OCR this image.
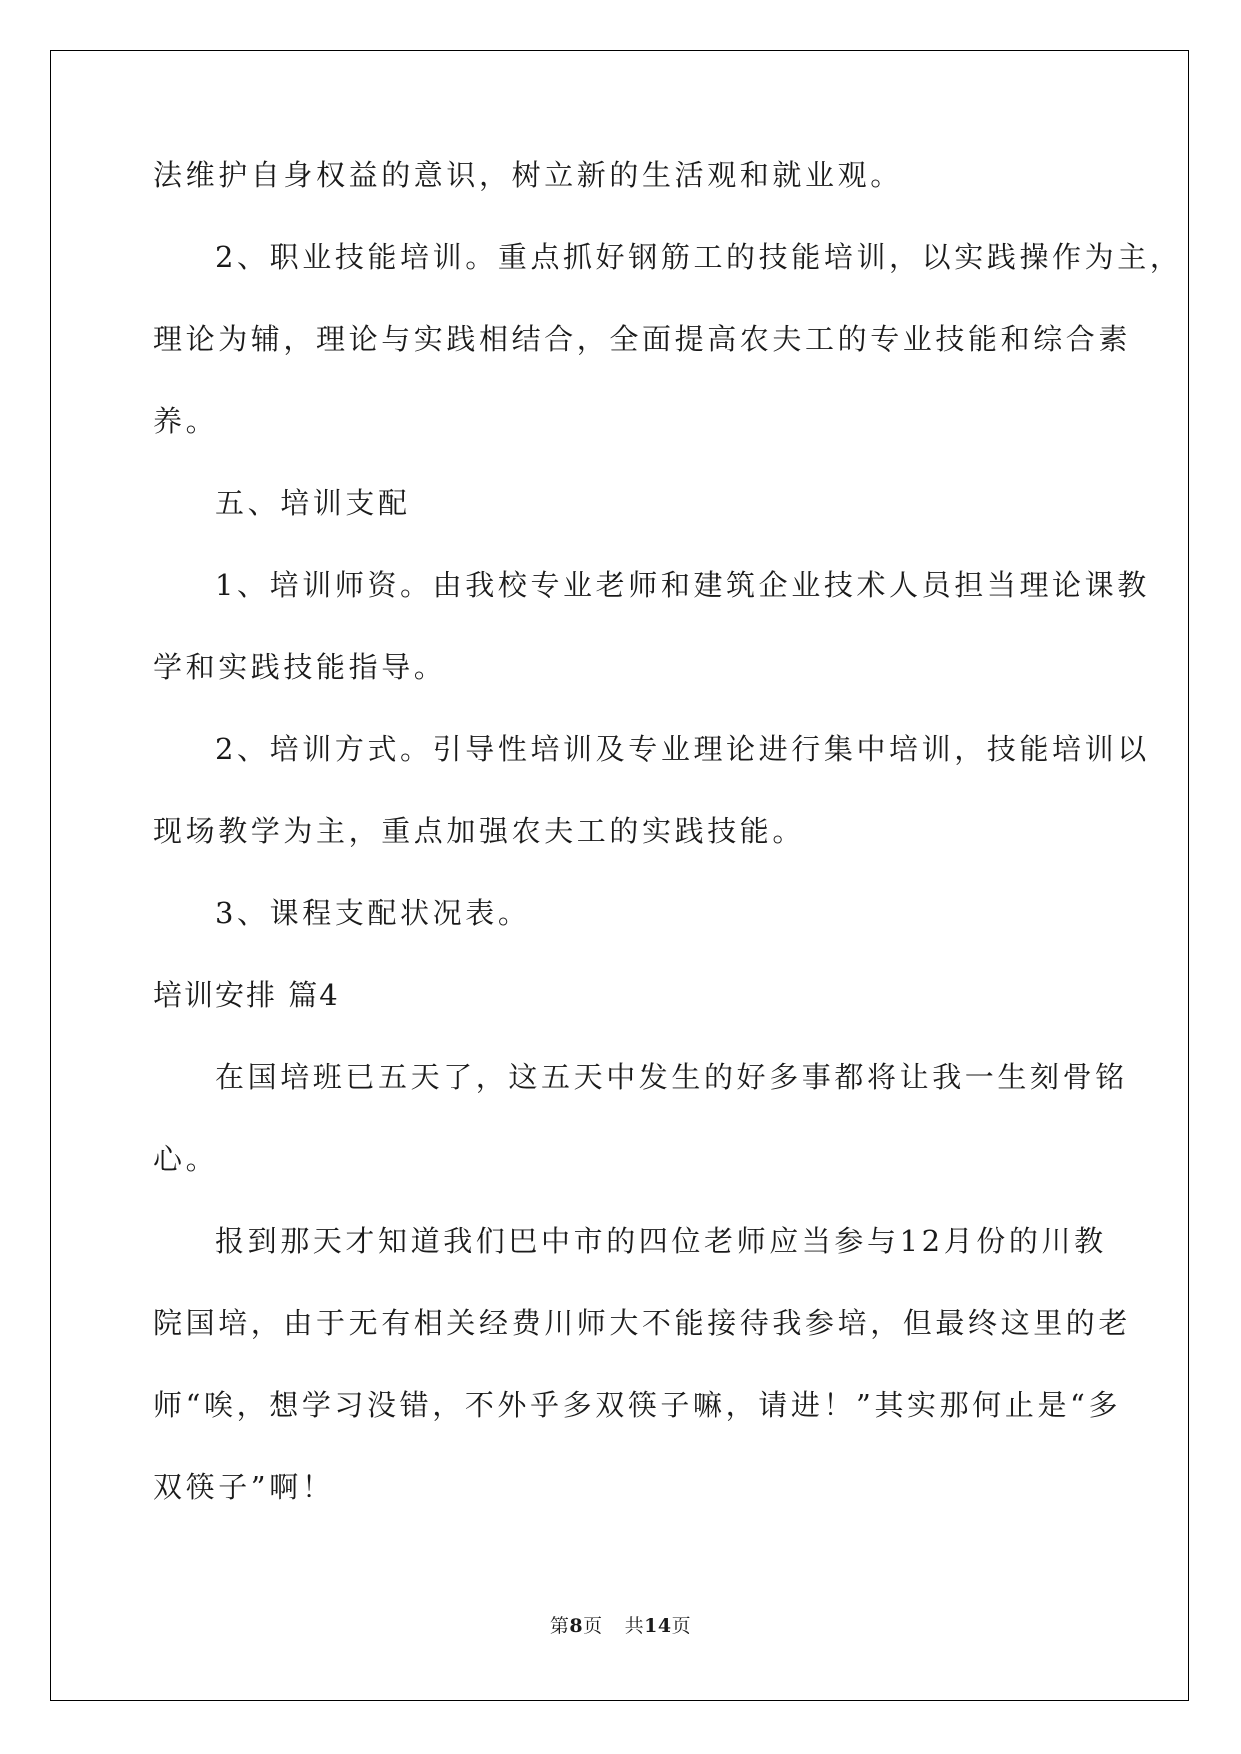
法维护自身权益的意识，树立新的生活观和就业观。
2、职业技能培训。重点抓好钢筋工的技能培训，以实践操作为主，
理论为辅，理论与实践相结合，全面提高农夫工的专业技能和综合素
养。
五、培训支配
1、培训师资。由我校专业老师和建筑企业技术人员担当理论课教
学和实践技能指导。
2、培训方式。引导性培训及专业理论进行集中培训，技能培训以
现场教学为主，重点加强农夫工的实践技能。
3、课程支配状况表。
培训安排 篇4
在国培班已五天了，这五天中发生的好多事都将让我一生刻骨铭
心。
报到那天才知道我们巴中市的四位老师应当参与12月份的川教
院国培，由于无有相关经费川师大不能接待我参培，但最终这里的老
师“唉，想学习没错，不外乎多双筷子嘛，请进！”其实那何止是“多
双筷子”啊！
第8页 共14页
